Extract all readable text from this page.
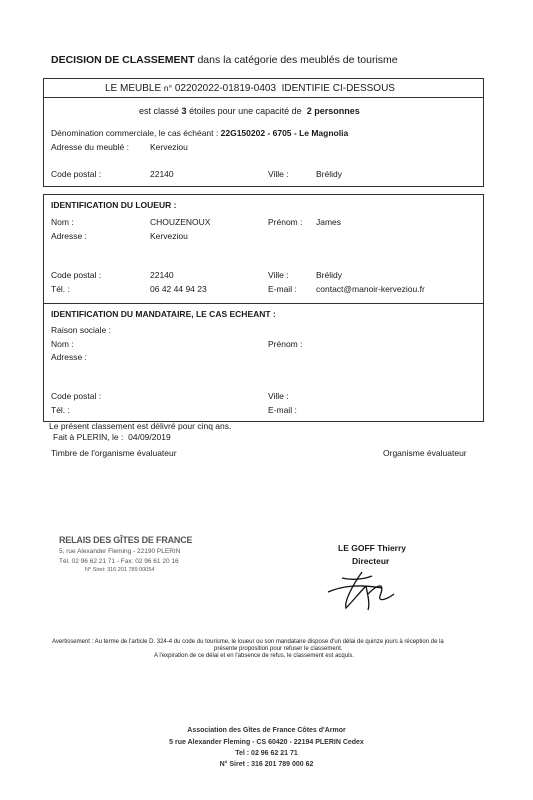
DECISION DE CLASSEMENT dans la catégorie des meublés de tourisme
LE MEUBLE n° 02202022-01819-0403 IDENTIFIE CI-DESSOUS
est classé 3 étoiles pour une capacité de 2 personnes
Dénomination commerciale, le cas échéant : 22G150202 - 6705 - Le Magnolia
Adresse du meublé : Kerveziou
Code postal :	22140	Ville :	Brélidy
IDENTIFICATION DU LOUEUR :
Nom :	CHOUZENOUX	Prénom : James
Adresse :	Kerveziou
Code postal :	22140	Ville :	Brélidy
Tél. :	06 42 44 94 23	E-mail : contact@manoir-kerveziou.fr
IDENTIFICATION DU MANDATAIRE, LE CAS ECHEANT :
Raison sociale :
Nom :	Prénom :
Adresse :
Code postal :	Ville :
Tél. :	E-mail :
Le présent classement est délivré pour cinq ans.
Fait à PLERIN, le : 04/09/2019
Timbre de l'organisme évaluateur	Organisme évaluateur
RELAIS DES GÎTES DE FRANCE
5, rue Alexander Fleming - 22190 PLERIN
Tél. 02 96 62 21 71 - Fax: 02 96 61 20 16
N° Siret: 316 201 789 00054
LE GOFF Thierry
Directeur
Avertissement : Au terme de l'article D. 324-4 du code du tourisme, le loueur ou son mandataire dispose d'un délai de quinze jours à réception de la
présente proposition pour refuser le classement.
A l'expiration de ce délai et en l'absence de refus, le classement est acquis.
Association des Gîtes de France Côtes d'Armor
5 rue Alexander Fleming - CS 60420 - 22194 PLERIN Cedex
Tel : 02 96 62 21 71
N° Siret : 316 201 789 000 62
